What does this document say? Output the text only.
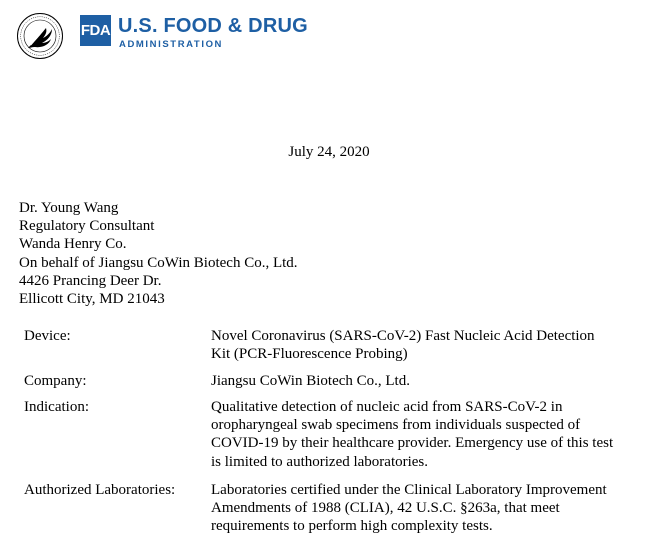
FDA U.S. FOOD & DRUG
ADMINISTRATION
July 24, 2020
Dr. Young Wang
Regulatory Consultant
Wanda Henry Co.
On behalf of Jiangsu CoWin Biotech Co., Ltd.
4426 Prancing Deer Dr.
Ellicott City, MD 21043
Device:	Novel Coronavirus (SARS-CoV-2) Fast Nucleic Acid Detection
Kit (PCR-Fluorescence Probing)
Company:	Jiangsu CoWin Biotech Co., Ltd.
Indication:	Qualitative detection of nucleic acid from SARS-CoV-2 in
oropharyngeal swab specimens from individuals suspected of
COVID-19 by their healthcare provider. Emergency use of this test
is limited to authorized laboratories.
Authorized Laboratories: Laboratories certified under the Clinical Laboratory Improvement
Amendments of 1988 (CLIA), 42 U.S.C. §263a, that meet
requirements to perform high complexity tests.
